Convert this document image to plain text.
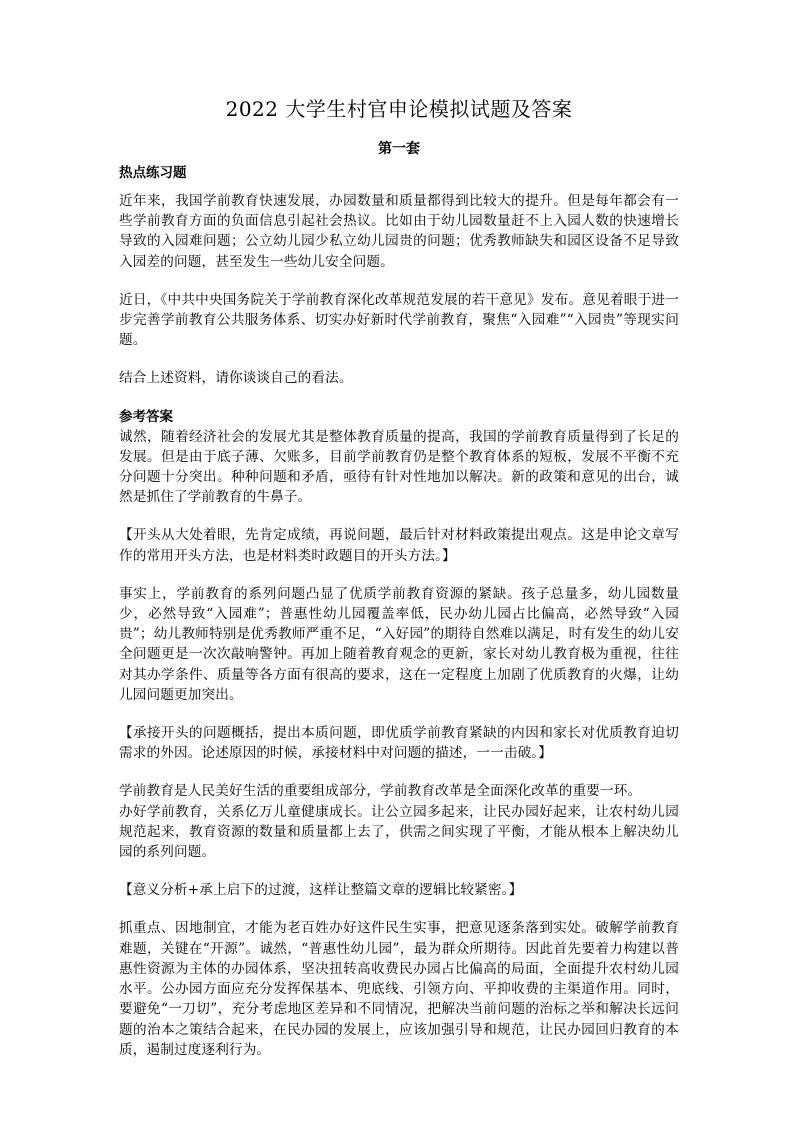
2022 大学生村官申论模拟试题及答案
第一套
热点练习题

近年来，我国学前教育快速发展，办园数量和质量都得到比较大的提升。但是每年都会有一些学前教育方面的负面信息引起社会热议。比如由于幼儿园数量赶不上入园人数的快速增长导致的入园难问题；公立幼儿园少私立幼儿园贵的问题；优秀教师缺失和园区设备不足导致入园差的问题，甚至发生一些幼儿安全问题。

近日，《中共中央国务院关于学前教育深化改革规范发展的若干意见》发布。意见着眼于进一步完善学前教育公共服务体系、切实办好新时代学前教育，聚焦“入园难”“入园贵”等现实问题。

结合上述资料，请你谈谈自己的看法。

参考答案

诚然，随着经济社会的发展尤其是整体教育质量的提高，我国的学前教育质量得到了长足的发展。但是由于底子薄、欠账多，目前学前教育仍是整个教育体系的短板，发展不平衡不充分问题十分突出。种种问题和矛盾，亟待有针对性地加以解决。新的政策和意见的出台，诚然是抓住了学前教育的牛鼻子。

【开头从大处着眼，先肯定成绩，再说问题，最后针对材料政策提出观点。这是申论文章写作的常用开头方法，也是材料类时政题目的开头方法。】

事实上，学前教育的系列问题凸显了优质学前教育资源的紧缺。孩子总量多，幼儿园数量少，必然导致“入园难”；普惠性幼儿园覆盖率低，民办幼儿园占比偏高，必然导致“入园贵”；幼儿教师特别是优秀教师严重不足，“入好园”的期待自然难以满足，时有发生的幼儿安全问题更是一次次敲响警钟。再加上随着教育观念的更新，家长对幼儿教育极为重视，往往对其办学条件、质量等各方面有很高的要求，这在一定程度上加剧了优质教育的火爆，让幼儿园问题更加突出。

【承接开头的问题概括，提出本质问题，即优质学前教育紧缺的内因和家长对优质教育迫切需求的外因。论述原因的时候，承接材料中对问题的描述，一一击破。】

学前教育是人民美好生活的重要组成部分，学前教育改革是全面深化改革的重要一环。

办好学前教育，关系亿万儿童健康成长。让公立园多起来，让民办园好起来，让农村幼儿园规范起来，教育资源的数量和质量都上去了，供需之间实现了平衡，才能从根本上解决幼儿园的系列问题。

【意义分析+承上启下的过渡，这样让整篇文章的逻辑比较紧密。】

抓重点、因地制宜，才能为老百姓办好这件民生实事，把意见逐条落到实处。破解学前教育难题，关键在“开源”。诚然，“普惠性幼儿园”，最为群众所期待。因此首先要着力构建以普惠性资源为主体的办园体系，坚决扭转高收费民办园占比偏高的局面，全面提升农村幼儿园水平。公办园方面应充分发挥保基本、兜底线、引领方向、平抑收费的主渠道作用。同时，要避免“一刀切”，充分考虑地区差异和不同情况，把解决当前问题的治标之举和解决长远问题的治本之策结合起来，在民办园的发展上，应该加强引导和规范，让民办园回归教育的本质，遏制过度逐利行为。
